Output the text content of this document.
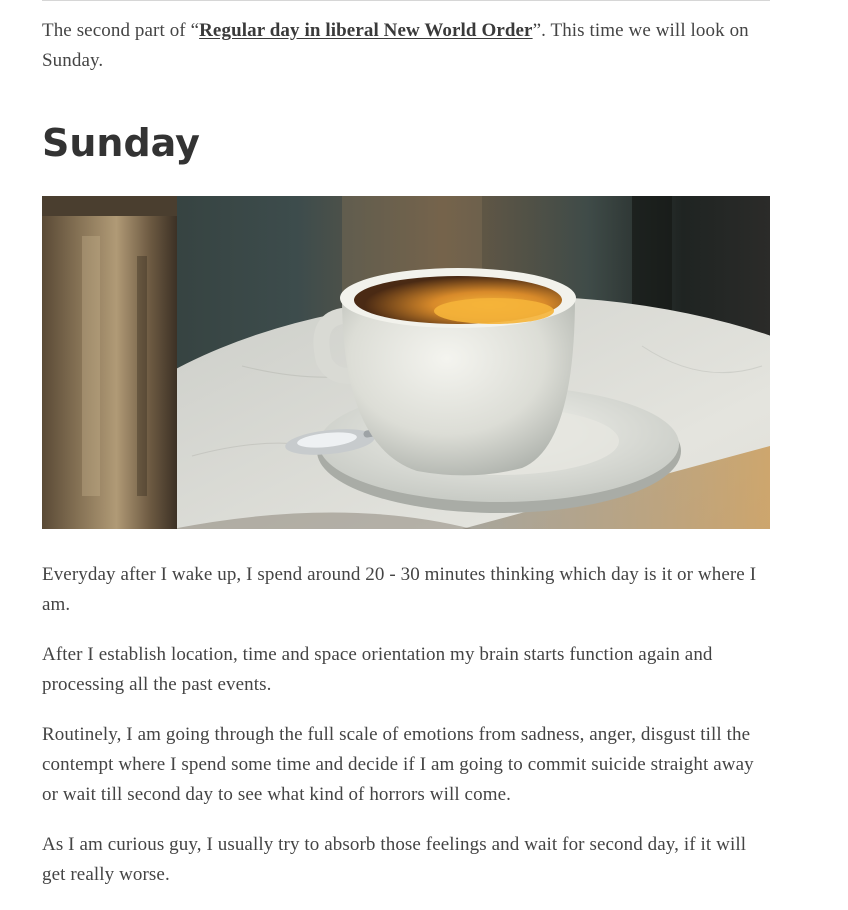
The second part of “Regular day in liberal New World Order”. This time we will look on Sunday.

Sunday

Everyday after I wake up, I spend around 20 - 30 minutes thinking which day is it or where I am.

After I establish location, time and space orientation my brain starts function again and processing all the past events.

Routinely, I am going through the full scale of emotions from sadness, anger, disgust till the contempt where I spend some time and decide if I am going to commit suicide straight away or wait till second day to see what kind of horrors will come.

As I am curious guy, I usually try to absorb those feelings and wait for second day, if it will get really worse.
